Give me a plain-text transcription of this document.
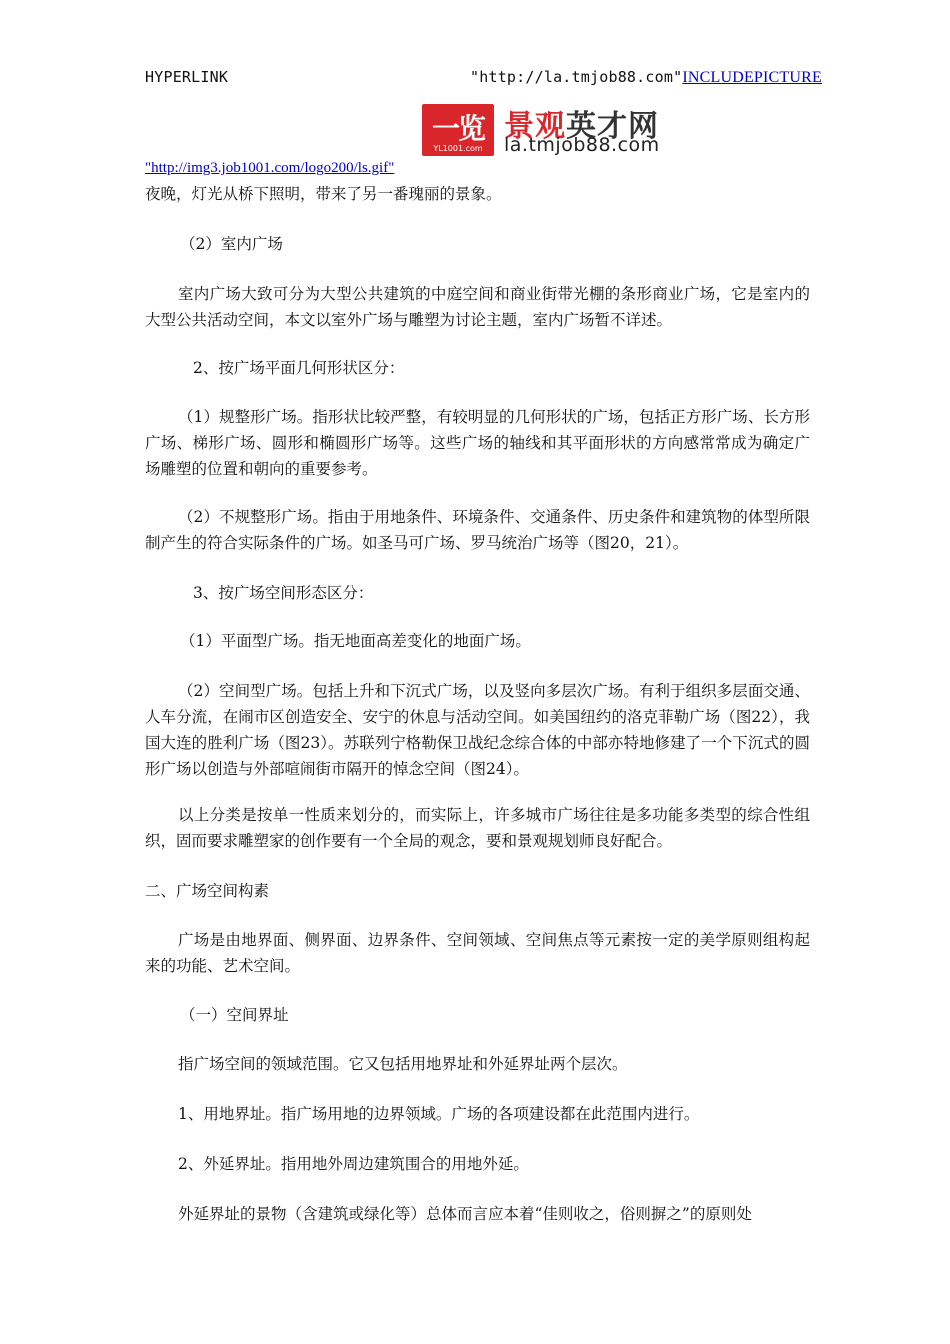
HYPERLINK	"http://la.tmjob88.com"INCLUDEPICTURE
一览
YL1001.com
景观英才网
la.tmjob88.com
"http://img3.job1001.com/logo200/ls.gif"

夜晚，灯光从桥下照明，带来了另一番瑰丽的景象。

（2）室内广场

室内广场大致可分为大型公共建筑的中庭空间和商业街带光棚的条形商业广场，它是室内的大型公共活动空间，本文以室外广场与雕塑为讨论主题，室内广场暂不详述。

2、按广场平面几何形状区分：

（1）规整形广场。指形状比较严整，有较明显的几何形状的广场，包括正方形广场、长方形广场、梯形广场、圆形和椭圆形广场等。这些广场的轴线和其平面形状的方向感常常成为确定广场雕塑的位置和朝向的重要参考。

（2）不规整形广场。指由于用地条件、环境条件、交通条件、历史条件和建筑物的体型所限制产生的符合实际条件的广场。如圣马可广场、罗马统治广场等（图20，21）。

3、按广场空间形态区分：

（1）平面型广场。指无地面高差变化的地面广场。

（2）空间型广场。包括上升和下沉式广场，以及竖向多层次广场。有利于组织多层面交通、人车分流，在闹市区创造安全、安宁的休息与活动空间。如美国纽约的洛克菲勒广场（图22），我国大连的胜利广场（图23）。苏联列宁格勒保卫战纪念综合体的中部亦特地修建了一个下沉式的圆形广场以创造与外部喧闹街市隔开的悼念空间（图24）。

以上分类是按单一性质来划分的，而实际上，许多城市广场往往是多功能多类型的综合性组织，固而要求雕塑家的创作要有一个全局的观念，要和景观规划师良好配合。

二、广场空间构素

广场是由地界面、侧界面、边界条件、空间领域、空间焦点等元素按一定的美学原则组构起来的功能、艺术空间。

（一）空间界址

指广场空间的领域范围。它又包括用地界址和外延界址两个层次。

1、用地界址。指广场用地的边界领域。广场的各项建设都在此范围内进行。

2、外延界址。指用地外周边建筑围合的用地外延。

外延界址的景物（含建筑或绿化等）总体而言应本着“佳则收之，俗则摒之”的原则处
